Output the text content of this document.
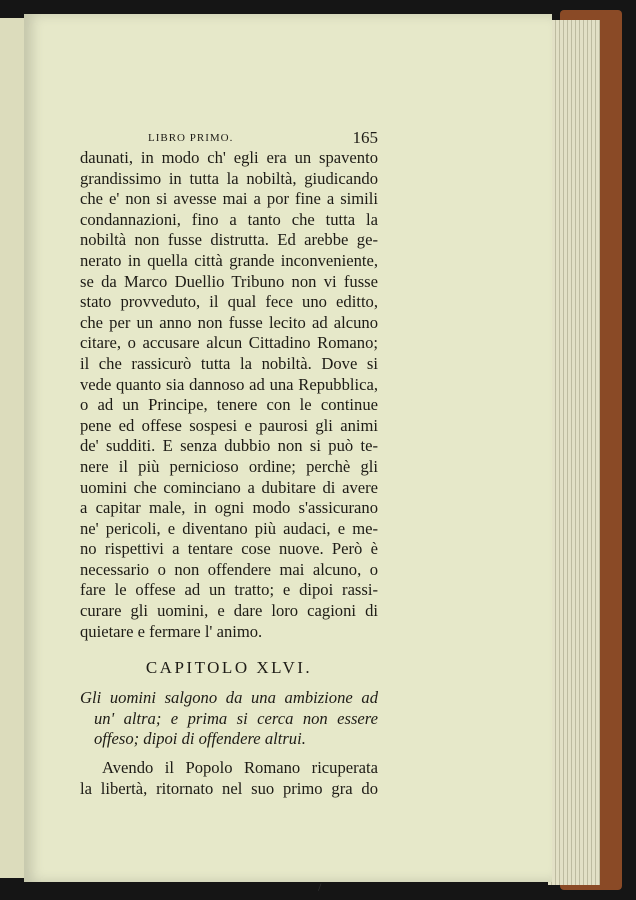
LIBRO PRIMO.	165
daunati, in modo ch' egli era un spavento
grandissimo in tutta la nobiltà, giudicando
che e' non si avesse mai a por fine a simili
condannazioni, fino a tanto che tutta la
nobiltà non fusse distrutta. Ed arebbe ge-
nerato in quella città grande inconveniente,
se da Marco Duellio Tribuno non vi fusse
stato provveduto, il qual fece uno editto,
che per un anno non fusse lecito ad alcuno
citare, o accusare alcun Cittadino Romano;
il che rassicurò tutta la nobiltà. Dove si
vede quanto sia dannoso ad una Repubblica,
o ad un Principe, tenere con le continue
pene ed offese sospesi e paurosi gli animi
de' sudditi. E senza dubbio non si può te-
nere il più pernicioso ordine; perchè gli
uomini che cominciano a dubitare di avere
a capitar male, in ogni modo s'assicurano
ne' pericoli, e diventano più audaci, e me-
no rispettivi a tentare cose nuove. Però è
necessario o non offendere mai alcuno, o
fare le offese ad un tratto; e dipoi rassi-
curare gli uomini, e dare loro cagioni di
quietare e fermare l' animo.
CAPITOLO XLVI.
Gli uomini salgono da una ambizione ad
un' altra; e prima si cerca non essere
offeso; dipoi di offendere altrui.
Avendo il Popolo Romano ricuperata
la libertà, ritornato nel suo primo gra do
/
